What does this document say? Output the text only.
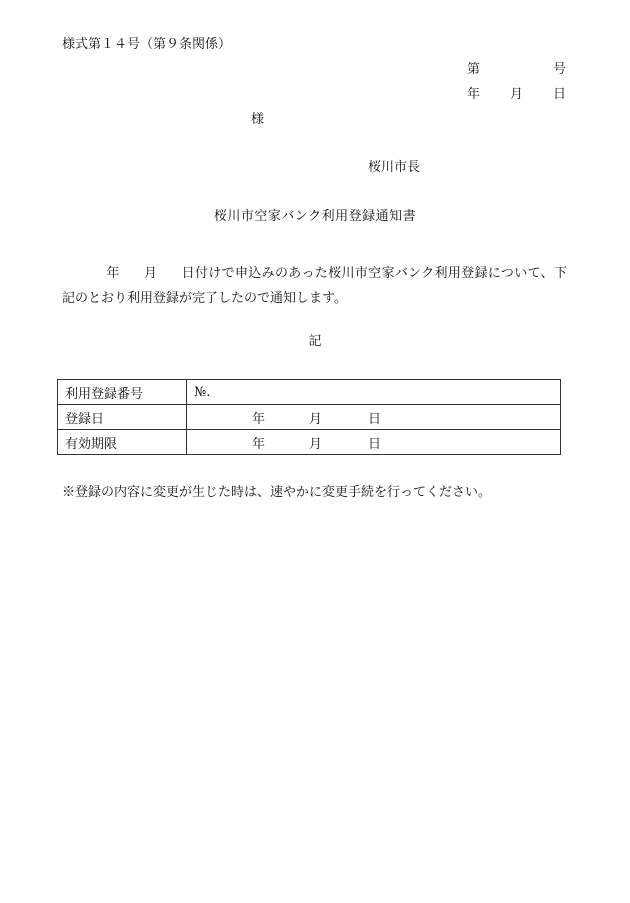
様式第１４号（第９条関係）
第	号
年 月 日
様
桜川市長
桜川市空家バンク利用登録通知書
年 月 日付けで申込みのあった桜川市空家バンク利用登録について、下記のとおり利用登録が完了したので通知します。
記
利用登録番号	№.
登録日	年 月 日
有効期限	年 月 日
※登録の内容に変更が生じた時は、速やかに変更手続を行ってください。
